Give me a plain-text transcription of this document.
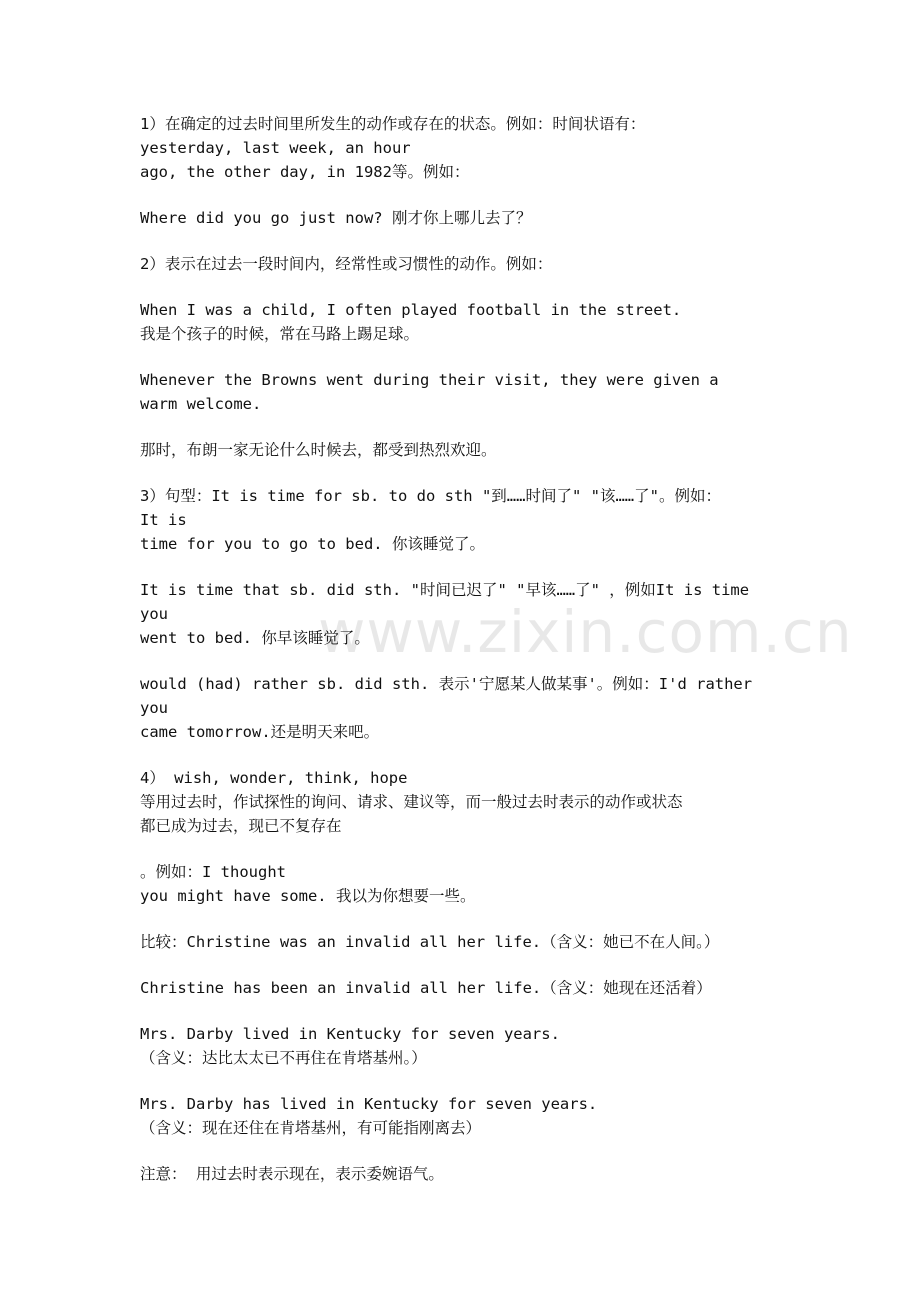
1）在确定的过去时间里所发生的动作或存在的状态。例如：时间状语有：
yesterday, last week, an hour
ago, the other day, in 1982等。例如：
Where did you go just now? 刚才你上哪儿去了？
2）表示在过去一段时间内，经常性或习惯性的动作。例如：
When I was a child, I often played football in the street.
我是个孩子的时候，常在马路上踢足球。
Whenever the Browns went during their visit, they were given a
warm welcome.
那时，布朗一家无论什么时候去，都受到热烈欢迎。
3）句型：It is time for sb. to do sth "到……时间了" "该……了"。例如：
It is
time for you to go to bed. 你该睡觉了。
It is time that sb. did sth. "时间已迟了" "早该……了" ，例如It is time
you
went to bed. 你早该睡觉了。
would (had) rather sb. did sth. 表示'宁愿某人做某事'。例如：I'd rather
you
came tomorrow.还是明天来吧。
4） wish, wonder, think, hope
等用过去时，作试探性的询问、请求、建议等，而一般过去时表示的动作或状态
都已成为过去，现已不复存在
。例如：I thought
you might have some. 我以为你想要一些。
比较：Christine was an invalid all her life.（含义：她已不在人间。）
Christine has been an invalid all her life.（含义：她现在还活着）
Mrs. Darby lived in Kentucky for seven years.
（含义：达比太太已不再住在肯塔基州。）
Mrs. Darby has lived in Kentucky for seven years.
（含义：现在还住在肯塔基州，有可能指刚离去）
注意： 用过去时表示现在，表示委婉语气。
www.zixin.com.cn
